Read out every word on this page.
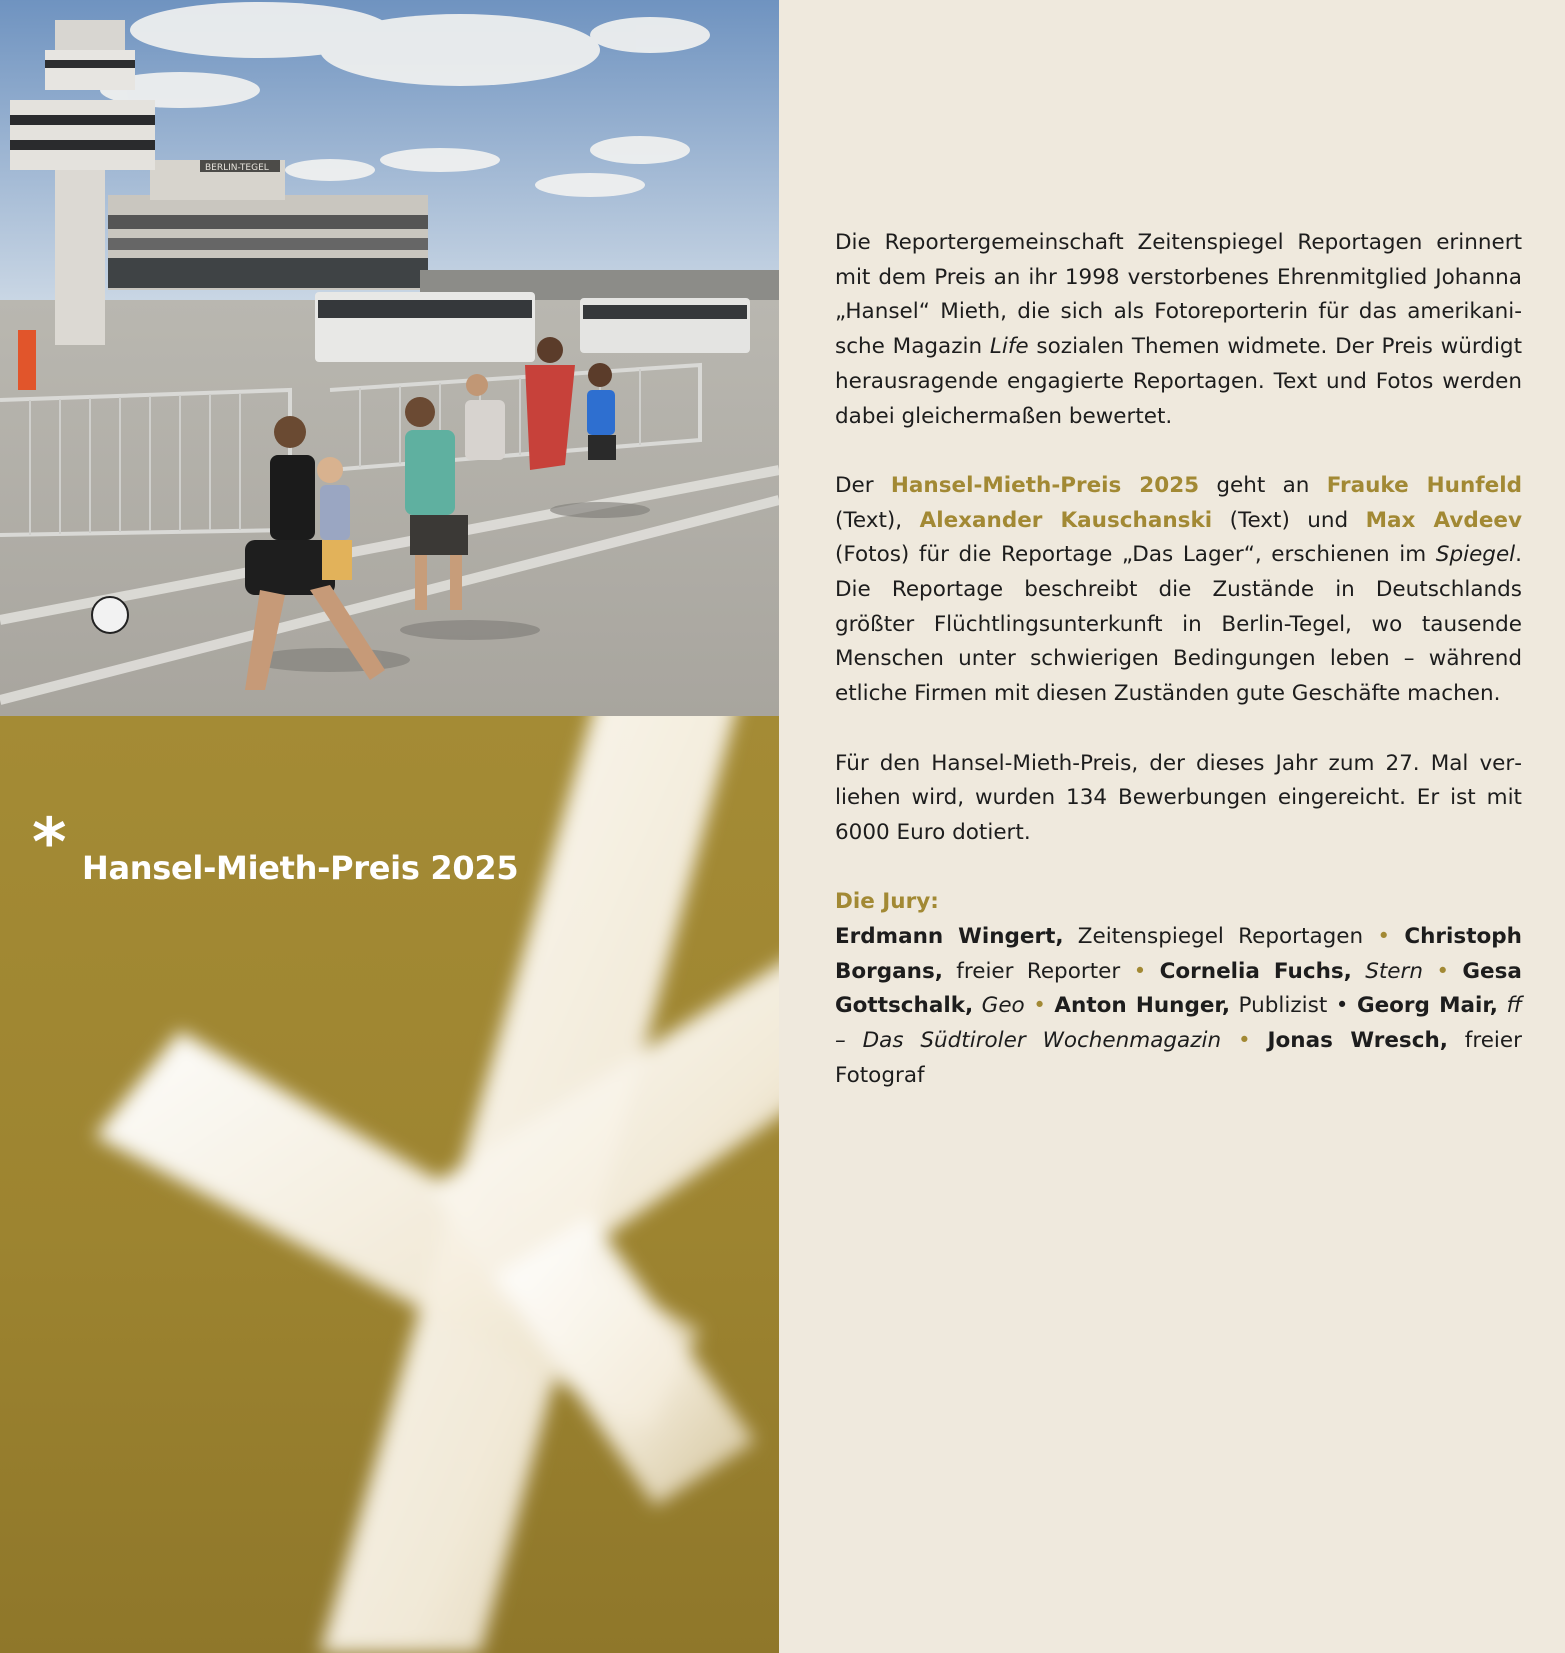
BERLIN-TEGEL
* Hansel-Mieth-Preis 2025

Die Reportergemeinschaft Zeitenspiegel Reportagen erinnert mit dem Preis an ihr 1998 verstorbenes Ehrenmitglied Johanna „Hansel“ Mieth, die sich als Fotoreporterin für das amerikanische Magazin Life sozialen Themen widmete. Der Preis würdigt herausragende engagierte Reportagen. Text und Fotos werden dabei gleichermaßen bewertet.

Der Hansel-Mieth-Preis 2025 geht an Frauke Hunfeld (Text), Alexander Kauschanski (Text) und Max Avdeev (Fotos) für die Reportage „Das Lager“, erschienen im Spiegel. Die Reportage beschreibt die Zustände in Deutschlands größter Flüchtlingsunterkunft in Berlin-Tegel, wo tausende Menschen unter schwierigen Bedingungen leben – während etliche Firmen mit diesen Zuständen gute Geschäfte machen.

Für den Hansel-Mieth-Preis, der dieses Jahr zum 27. Mal verliehen wird, wurden 134 Bewerbungen eingereicht. Er ist mit 6000 Euro dotiert.

Die Jury:

Erdmann Wingert, Zeitenspiegel Reportagen • Christoph Borgans, freier Reporter • Cornelia Fuchs, Stern • Gesa Gottschalk, Geo • Anton Hunger, Publizist • Georg Mair, ff – Das Südtiroler Wochenmagazin • Jonas Wresch, freier Fotograf
